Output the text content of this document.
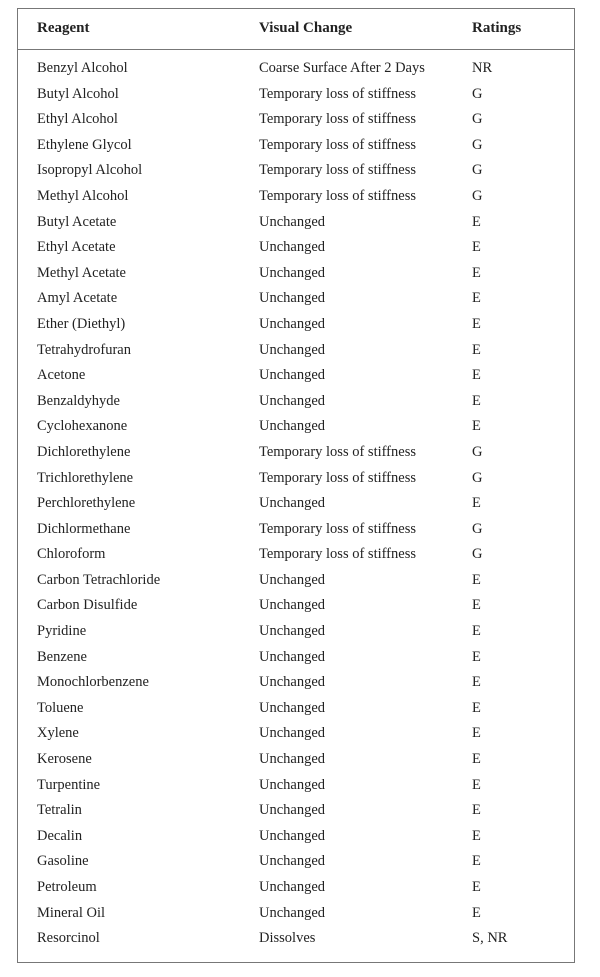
Reagent	Visual Change	Ratings
Benzyl Alcohol	Coarse Surface After 2 Days	NR
Butyl Alcohol	Temporary loss of stiffness	G
Ethyl Alcohol	Temporary loss of stiffness	G
Ethylene Glycol	Temporary loss of stiffness	G
Isopropyl Alcohol	Temporary loss of stiffness	G
Methyl Alcohol	Temporary loss of stiffness	G
Butyl Acetate	Unchanged	E
Ethyl Acetate	Unchanged	E
Methyl Acetate	Unchanged	E
Amyl Acetate	Unchanged	E
Ether (Diethyl)	Unchanged	E
Tetrahydrofuran	Unchanged	E
Acetone	Unchanged	E
Benzaldyhyde	Unchanged	E
Cyclohexanone	Unchanged	E
Dichlorethylene	Temporary loss of stiffness	G
Trichlorethylene	Temporary loss of stiffness	G
Perchlorethylene	Unchanged	E
Dichlormethane	Temporary loss of stiffness	G
Chloroform	Temporary loss of stiffness	G
Carbon Tetrachloride	Unchanged	E
Carbon Disulfide	Unchanged	E
Pyridine	Unchanged	E
Benzene	Unchanged	E
Monochlorbenzene	Unchanged	E
Toluene	Unchanged	E
Xylene	Unchanged	E
Kerosene	Unchanged	E
Turpentine	Unchanged	E
Tetralin	Unchanged	E
Decalin	Unchanged	E
Gasoline	Unchanged	E
Petroleum	Unchanged	E
Mineral Oil	Unchanged	E
Resorcinol	Dissolves	S, NR
